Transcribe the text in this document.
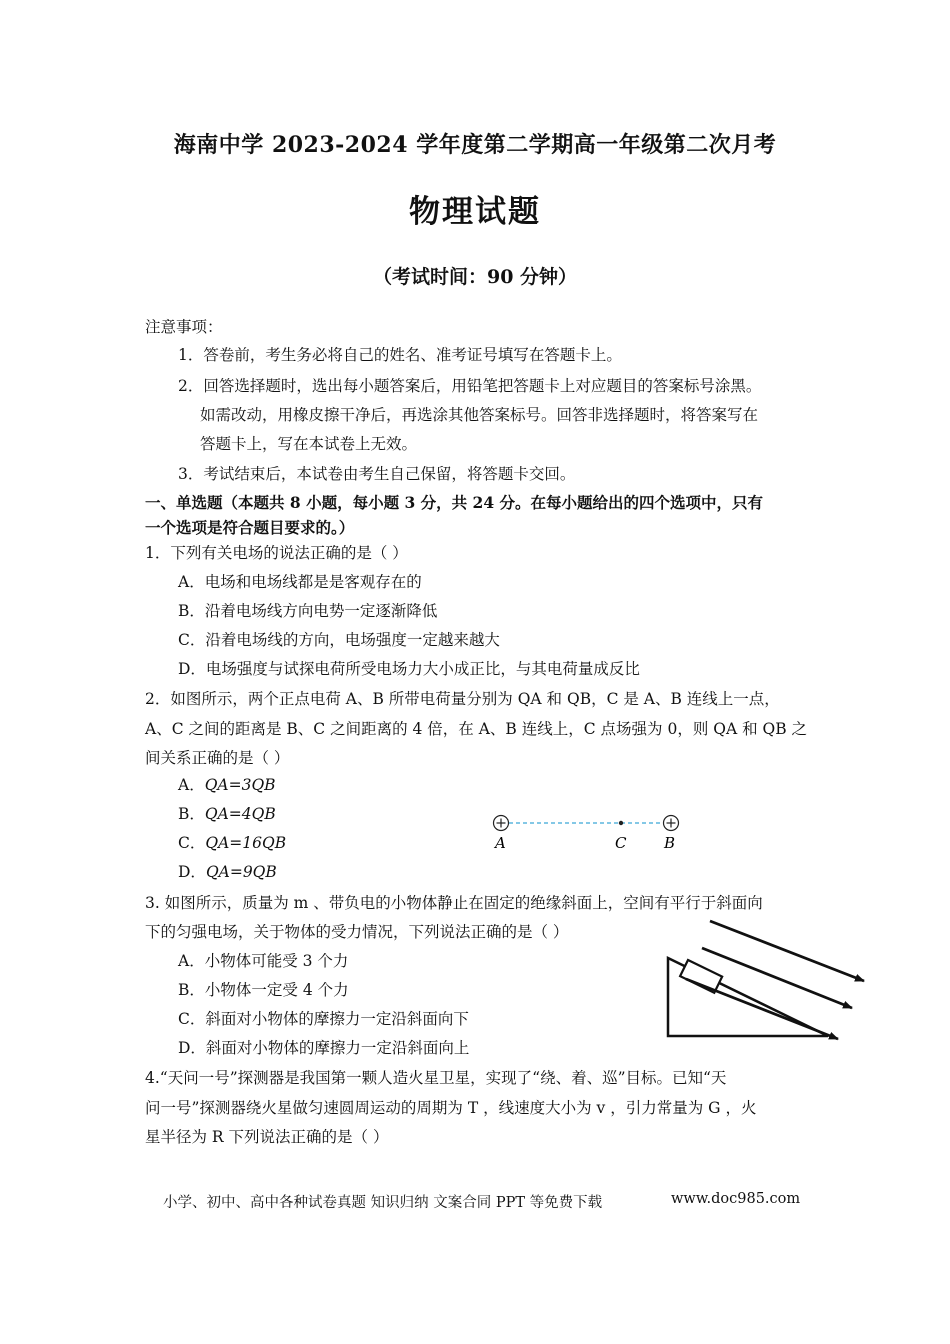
海南中学 2023-2024 学年度第二学期高一年级第二次月考
物理试题
（考试时间：90 分钟）
注意事项：
1．答卷前，考生务必将自己的姓名、准考证号填写在答题卡上。
2．回答选择题时，选出每小题答案后，用铅笔把答题卡上对应题目的答案标号涂黑。
如需改动，用橡皮擦干净后，再选涂其他答案标号。回答非选择题时，将答案写在
答题卡上，写在本试卷上无效。
3．考试结束后，本试卷由考生自己保留，将答题卡交回。
一、单选题（本题共 8 小题，每小题 3 分，共 24 分。在每小题给出的四个选项中，只有
一个选项是符合题目要求的。）
1．下列有关电场的说法正确的是（ ）
A．电场和电场线都是是客观存在的
B．沿着电场线方向电势一定逐渐降低
C．沿着电场线的方向，电场强度一定越来越大
D．电场强度与试探电荷所受电场力大小成正比，与其电荷量成反比
2．如图所示，两个正点电荷 A、B 所带电荷量分别为 QA 和 QB，C 是 A、B 连线上一点，
A、C 之间的距离是 B、C 之间距离的 4 倍，在 A、B 连线上，C 点场强为 0，则 QA 和 QB 之
间关系正确的是（ ）
A．QA=3QB
B．QA=4QB
C．QA=16QB
D．QA=9QB
A	C	B
3. 如图所示，质量为 m 、带负电的小物体静止在固定的绝缘斜面上，空间有平行于斜面向
下的匀强电场，关于物体的受力情况，下列说法正确的是（ ）
A．小物体可能受 3 个力
B．小物体一定受 4 个力
C．斜面对小物体的摩擦力一定沿斜面向下
D．斜面对小物体的摩擦力一定沿斜面向上
4.“天问一号”探测器是我国第一颗人造火星卫星，实现了“绕、着、巡”目标。已知“天
问一号”探测器绕火星做匀速圆周运动的周期为 T ，线速度大小为 v ，引力常量为 G ，火
星半径为 R 下列说法正确的是（ ）
小学、初中、高中各种试卷真题 知识归纳 文案合同 PPT 等免费下载	www.doc985.com
